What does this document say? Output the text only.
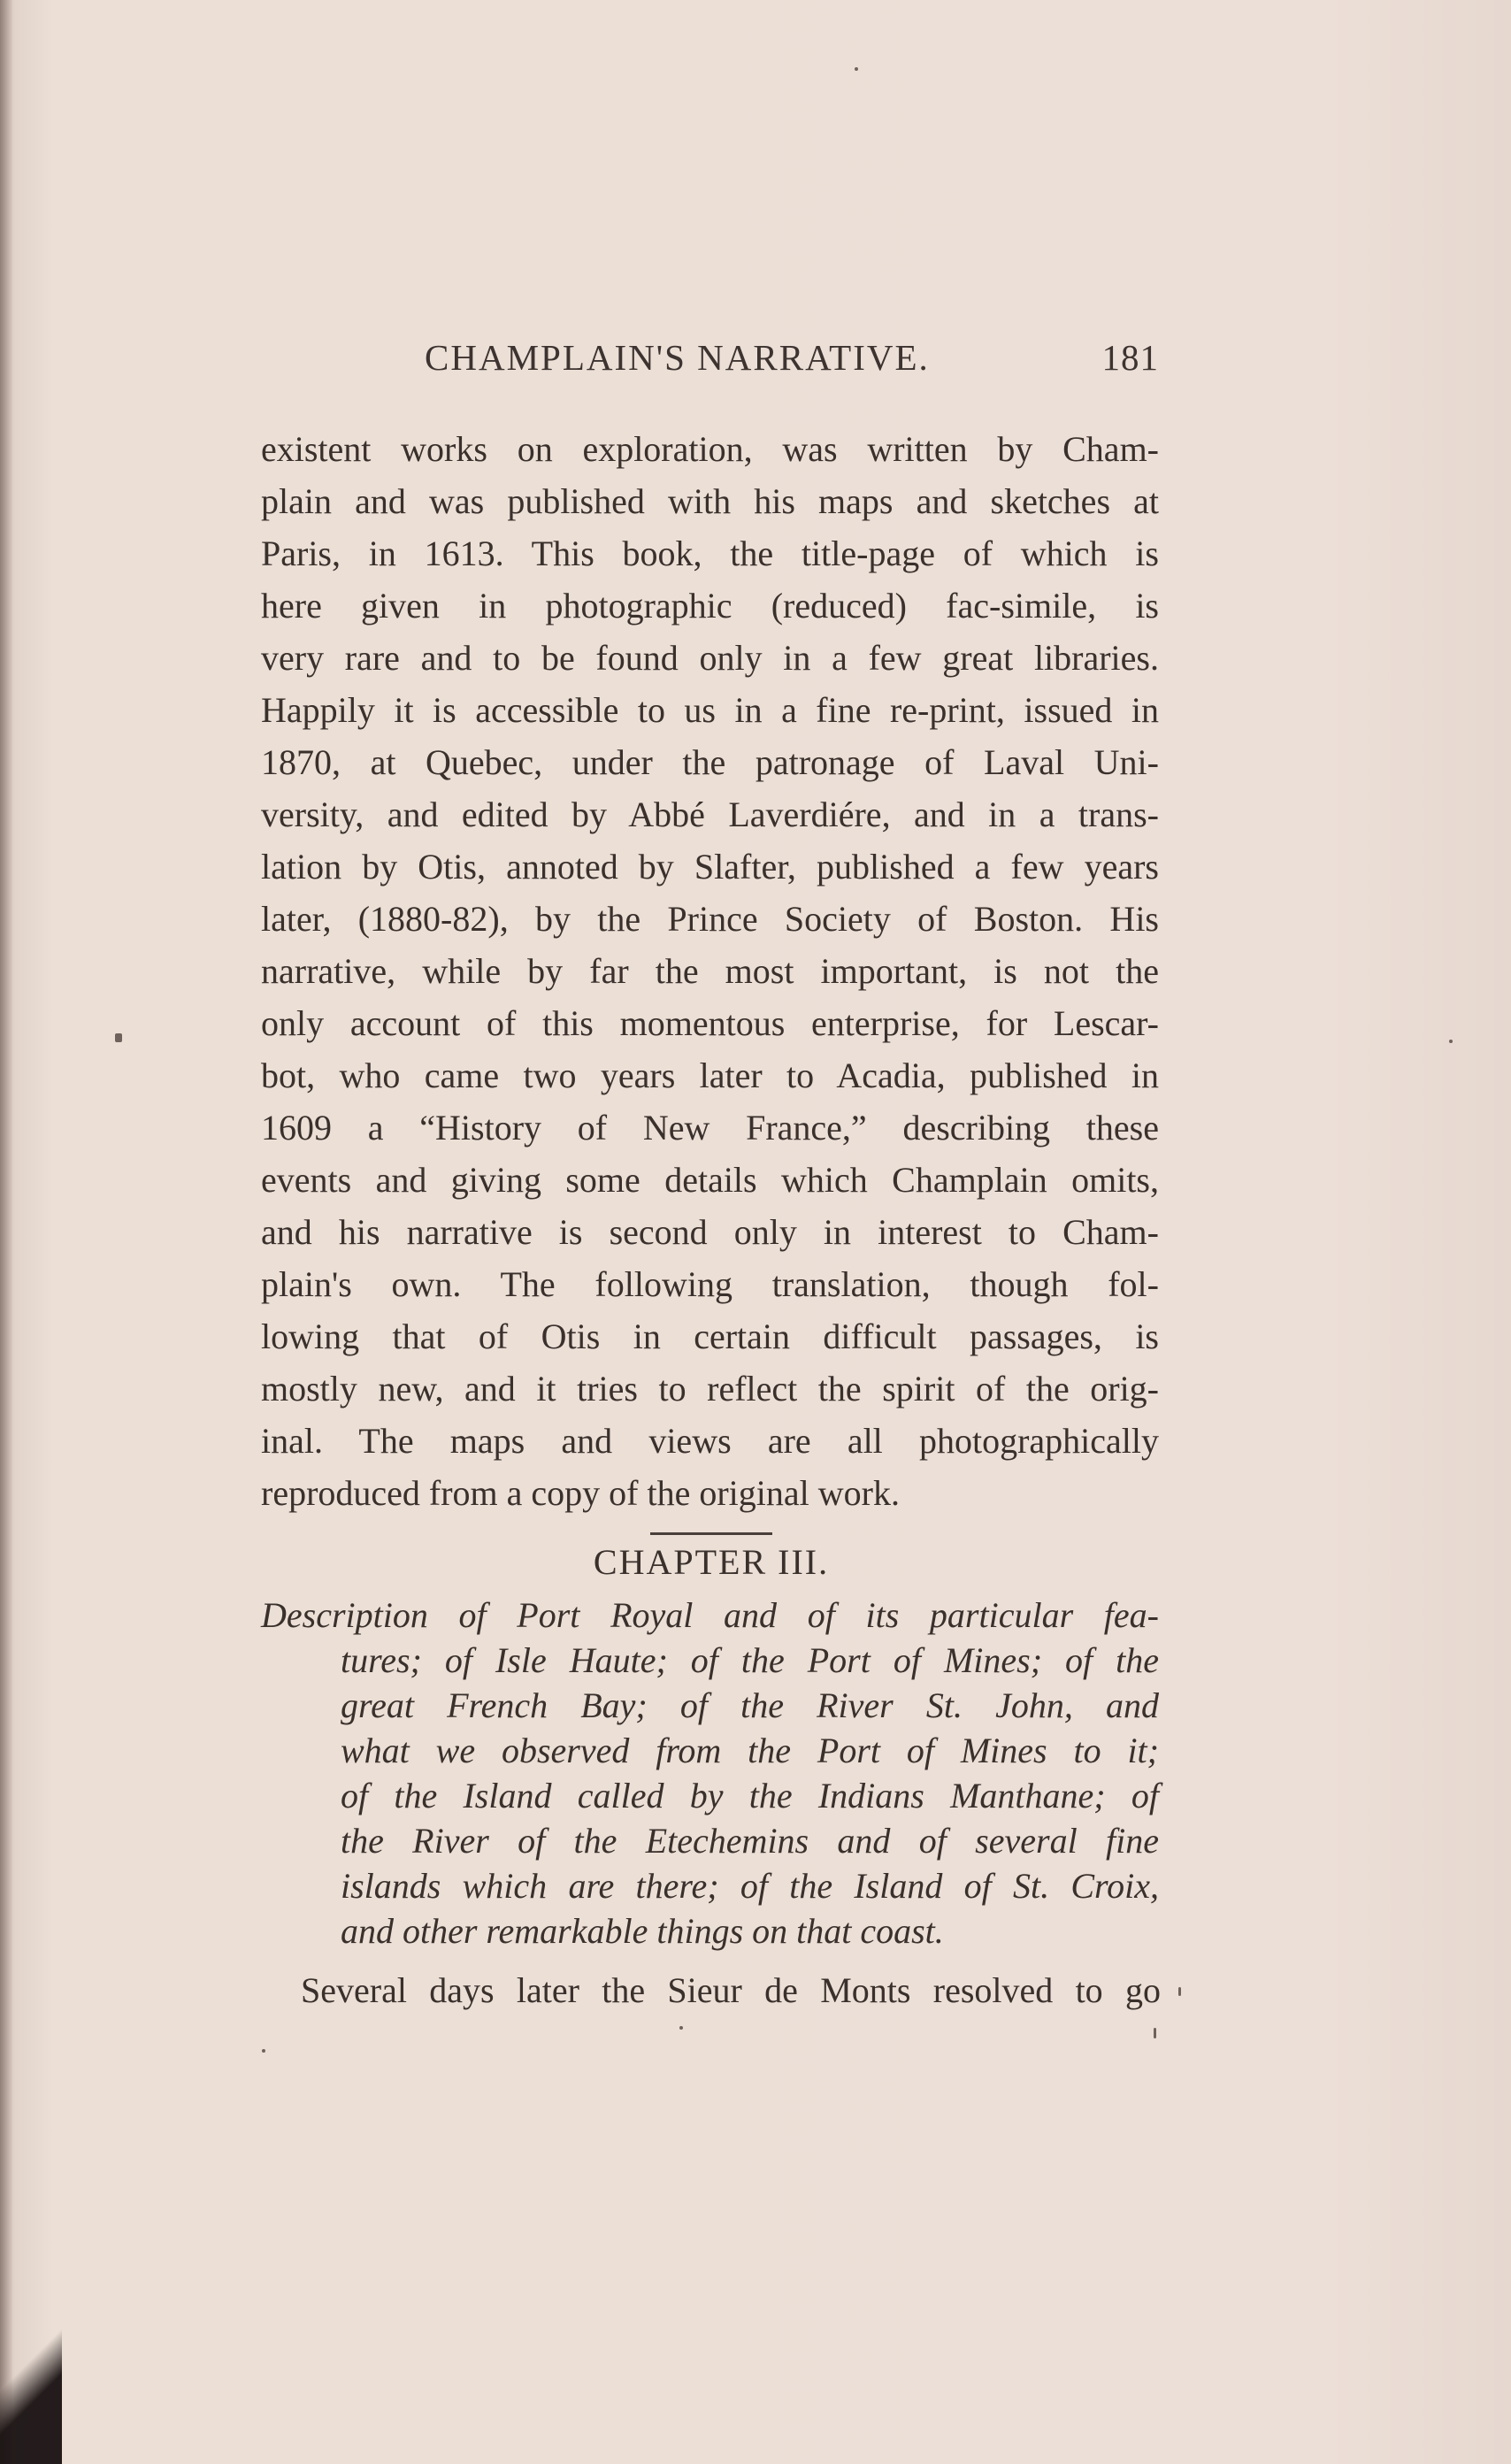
CHAMPLAIN'S NARRATIVE.	181
existent works on exploration, was written by Cham-
plain and was published with his maps and sketches at
Paris, in 1613. This book, the title-page of which is
here given in photographic (reduced) fac-simile, is
very rare and to be found only in a few great libraries.
Happily it is accessible to us in a fine re-print, issued in
1870, at Quebec, under the patronage of Laval Uni-
versity, and edited by Abbé Laverdiére, and in a trans-
lation by Otis, annoted by Slafter, published a few years
later, (1880-82), by the Prince Society of Boston. His
narrative, while by far the most important, is not the
only account of this momentous enterprise, for Lescar-
bot, who came two years later to Acadia, published in
1609 a “History of New France,” describing these
events and giving some details which Champlain omits,
and his narrative is second only in interest to Cham-
plain's own. The following translation, though fol-
lowing that of Otis in certain difficult passages, is
mostly new, and it tries to reflect the spirit of the orig-
inal. The maps and views are all photographically
reproduced from a copy of the original work.
CHAPTER III.
Description of Port Royal and of its particular fea-
tures; of Isle Haute; of the Port of Mines; of the
great French Bay; of the River St. John, and
what we observed from the Port of Mines to it;
of the Island called by the Indians Manthane; of
the River of the Etechemins and of several fine
islands which are there; of the Island of St. Croix,
and other remarkable things on that coast.
Several days later the Sieur de Monts resolved to go
